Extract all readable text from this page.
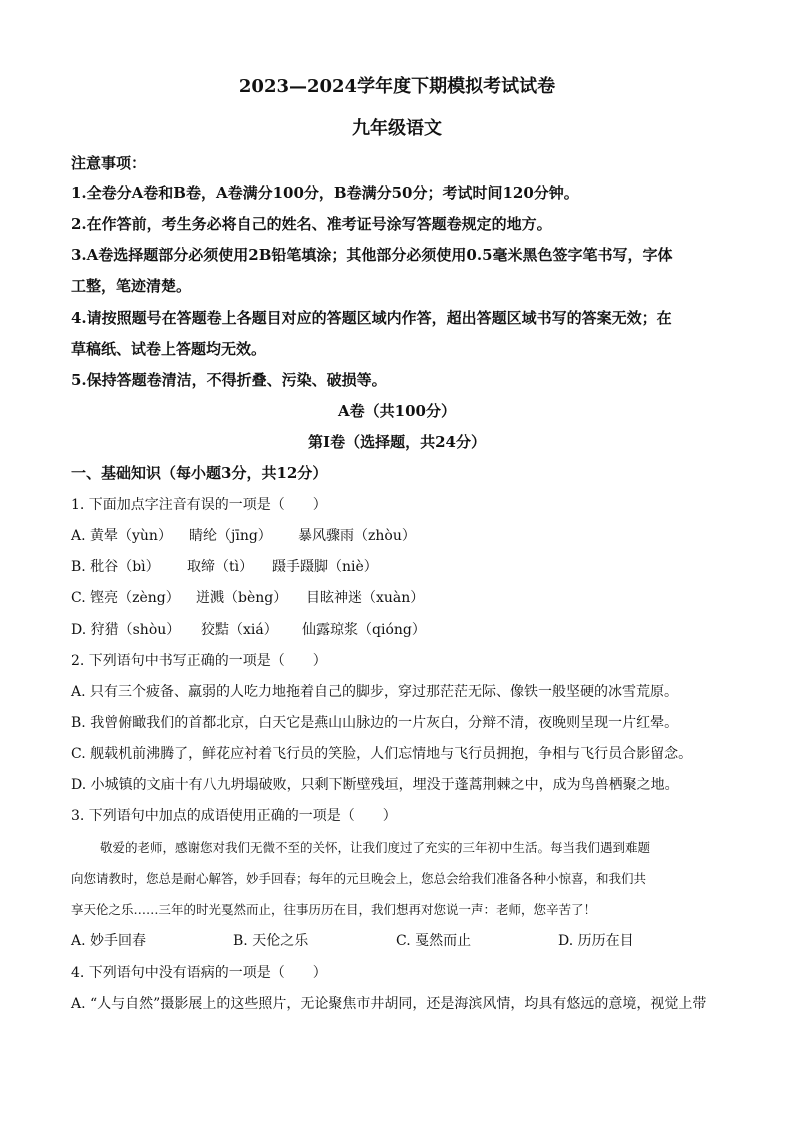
2023—2024学年度下期模拟考试试卷
九年级语文
注意事项：
1.全卷分A卷和B卷，A卷满分100分，B卷满分50分；考试时间120分钟。
2.在作答前，考生务必将自己的姓名、准考证号涂写答题卷规定的地方。
3.A卷选择题部分必须使用2B铅笔填涂；其他部分必须使用0.5毫米黑色签字笔书写，字体
工整，笔迹清楚。
4.请按照题号在答题卷上各题目对应的答题区域内作答，超出答题区域书写的答案无效；在
草稿纸、试卷上答题均无效。
5.保持答题卷清洁，不得折叠、污染、破损等。
A卷（共100分）
第Ⅰ卷（选择题，共24分）
一、基础知识（每小题3分，共12分）
1. 下面加点字注音有误的一项是（　　）
A. 黄晕（yùn） 睛纶（jīng） 暴风骤雨（zhòu）
B. 秕谷（bì） 取缔（tì） 蹑手蹑脚（niè）
C. 铿亮（zèng） 迸溅（bèng） 目眩神迷（xuàn）
D. 狩猎（shòu） 狡黠（xiá） 仙露琼浆（qióng）
2. 下列语句中书写正确的一项是（　　）
A. 只有三个疲备、羸弱的人吃力地拖着自己的脚步，穿过那茫茫无际、像铁一般坚硬的冰雪荒原。
B. 我曾俯瞰我们的首都北京，白天它是燕山山脉边的一片灰白，分辩不清，夜晚则呈现一片红晕。
C. 舰载机前沸腾了，鲜花应衬着飞行员的笑脸，人们忘情地与飞行员拥抱，争相与飞行员合影留念。
D. 小城镇的文庙十有八九坍塌破败，只剩下断壁残垣，埋没于蓬蒿荆棘之中，成为鸟兽栖聚之地。
3. 下列语句中加点的成语使用正确的一项是（　　）
敬爱的老师，感谢您对我们无微不至的关怀，让我们度过了充实的三年初中生活。每当我们遇到难题
向您请教时，您总是耐心解答，妙手回春；每年的元旦晚会上，您总会给我们准备各种小惊喜，和我们共
享天伦之乐……三年的时光戛然而止，往事历历在目，我们想再对您说一声：老师，您辛苦了！
A. 妙手回春	B. 天伦之乐	C. 戛然而止	D. 历历在目
4. 下列语句中没有语病的一项是（　　）
A. “人与自然”摄影展上的这些照片，无论聚焦市井胡同，还是海滨风情，均具有悠远的意境，视觉上带
